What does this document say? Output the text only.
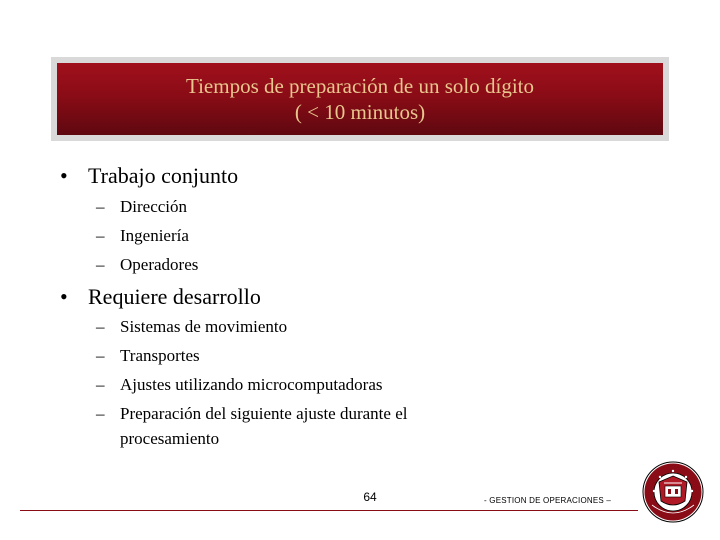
Tiempos de preparación de un solo dígito
( < 10 minutos)
• Trabajo conjunto
– Dirección
– Ingeniería
– Operadores
• Requiere desarrollo
– Sistemas de movimiento
– Transportes
– Ajustes utilizando microcomputadoras
– Preparación del siguiente ajuste durante el
procesamiento
64	- GESTION DE OPERACIONES –
